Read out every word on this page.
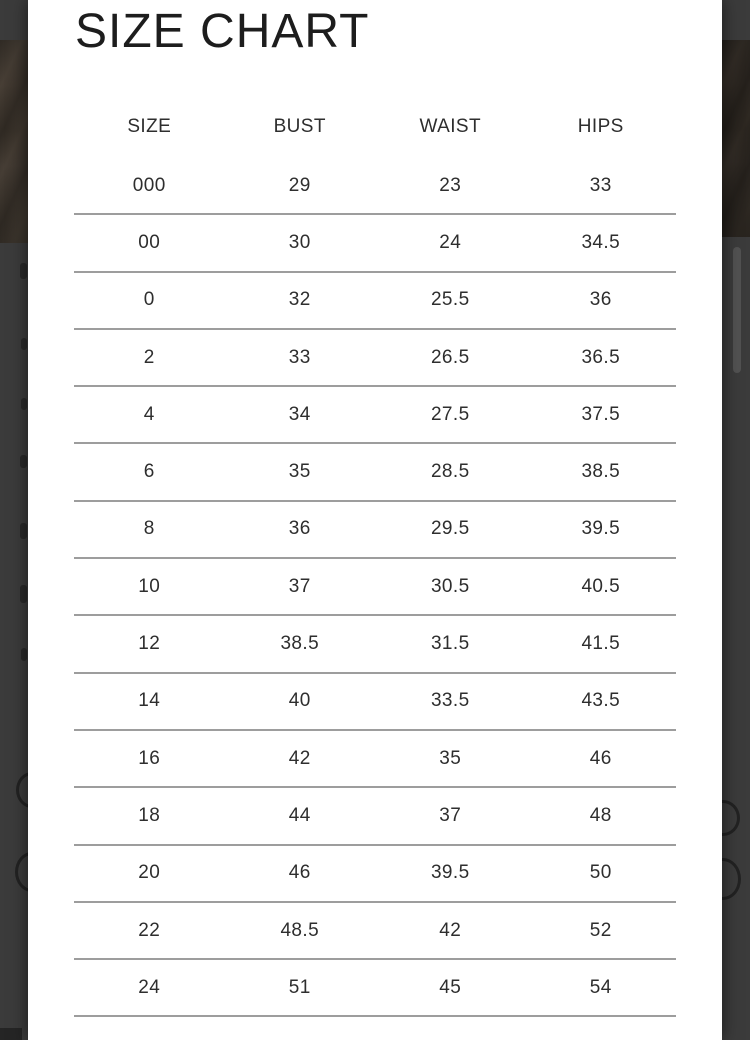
SIZE CHART
SIZE	BUST	WAIST	HIPS
000	29	23	33
00	30	24	34.5
0	32	25.5	36
2	33	26.5	36.5
4	34	27.5	37.5
6	35	28.5	38.5
8	36	29.5	39.5
10	37	30.5	40.5
12	38.5	31.5	41.5
14	40	33.5	43.5
16	42	35	46
18	44	37	48
20	46	39.5	50
22	48.5	42	52
24	51	45	54
